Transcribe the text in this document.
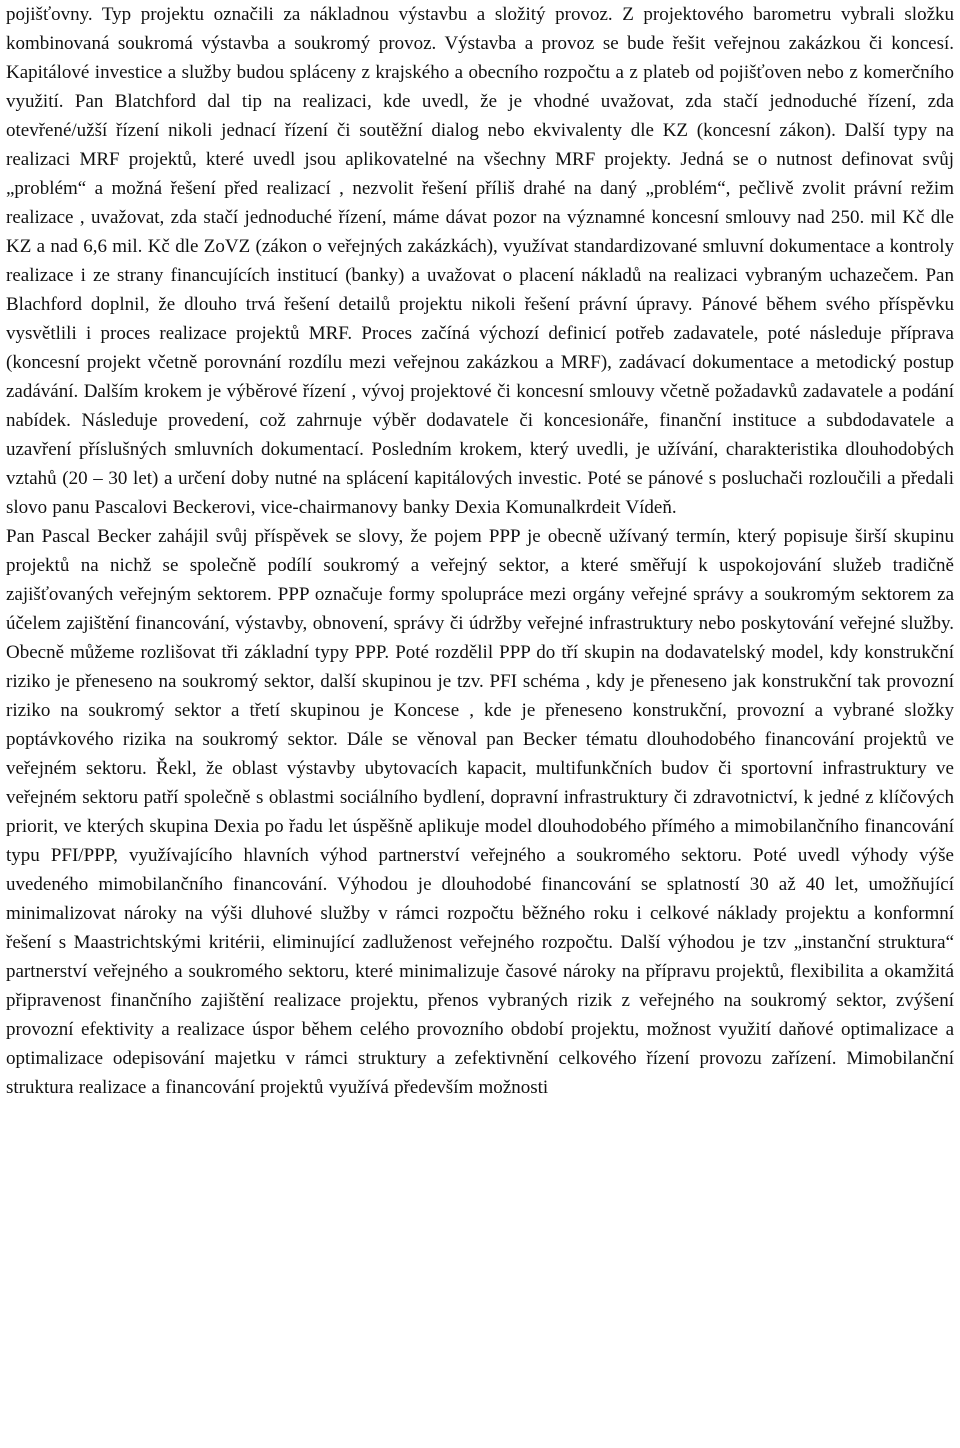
pojišťovny. Typ projektu označili za nákladnou výstavbu a složitý provoz. Z projektového barometru vybrali složku kombinovaná soukromá výstavba a soukromý provoz. Výstavba a provoz se bude řešit veřejnou zakázkou či koncesí. Kapitálové investice a služby budou spláceny z krajského a obecního rozpočtu a z plateb od pojišťoven nebo z komerčního využití. Pan Blatchford dal tip na realizaci, kde uvedl, že je vhodné uvažovat, zda stačí jednoduché řízení, zda otevřené/užší řízení nikoli jednací řízení či soutěžní dialog nebo ekvivalenty dle KZ (koncesní zákon). Další typy na realizaci MRF projektů, které uvedl jsou aplikovatelné na všechny MRF projekty. Jedná se o nutnost definovat svůj „problém“ a možná řešení před realizací , nezvolit řešení příliš drahé na daný „problém“, pečlivě zvolit právní režim realizace , uvažovat, zda stačí jednoduché řízení, máme dávat pozor na významné koncesní smlouvy nad 250. mil Kč dle KZ a nad 6,6 mil. Kč dle ZoVZ (zákon o veřejných zakázkách), využívat standardizované smluvní dokumentace a kontroly realizace i ze strany financujících institucí (banky) a uvažovat o placení nákladů na realizaci vybraným uchazečem. Pan Blachford doplnil, že dlouho trvá řešení detailů projektu nikoli řešení právní úpravy. Pánové během svého příspěvku vysvětlili i proces realizace projektů MRF. Proces začíná výchozí definicí potřeb zadavatele, poté následuje příprava (koncesní projekt včetně porovnání rozdílu mezi veřejnou zakázkou a MRF), zadávací dokumentace a metodický postup zadávání. Dalším krokem je výběrové řízení , vývoj projektové či koncesní smlouvy včetně požadavků zadavatele a podání nabídek. Následuje provedení, což zahrnuje výběr dodavatele či koncesionáře, finanční instituce a subdodavatele a uzavření příslušných smluvních dokumentací. Posledním krokem, který uvedli, je užívání, charakteristika dlouhodobých vztahů (20 – 30 let) a určení doby nutné na splácení kapitálových investic. Poté se pánové s posluchači rozloučili a předali slovo panu Pascalovi Beckerovi, vice-chairmanovy banky Dexia Komunalkrdeit Vídeň.

Pan Pascal Becker zahájil svůj příspěvek se slovy, že pojem PPP je obecně užívaný termín, který popisuje širší skupinu projektů na nichž se společně podílí soukromý a veřejný sektor, a které směřují k uspokojování služeb tradičně zajišťovaných veřejným sektorem. PPP označuje formy spolupráce mezi orgány veřejné správy a soukromým sektorem za účelem zajištění financování, výstavby, obnovení, správy či údržby veřejné infrastruktury nebo poskytování veřejné služby. Obecně můžeme rozlišovat tři základní typy PPP. Poté rozdělil PPP do tří skupin na dodavatelský model, kdy konstrukční riziko je přeneseno na soukromý sektor, další skupinou je tzv. PFI schéma , kdy je přeneseno jak konstrukční tak provozní riziko na soukromý sektor a třetí skupinou je Koncese , kde je přeneseno konstrukční, provozní a vybrané složky poptávkového rizika na soukromý sektor. Dále se věnoval pan Becker tématu dlouhodobého financování projektů ve veřejném sektoru. Řekl, že oblast výstavby ubytovacích kapacit, multifunkčních budov či sportovní infrastruktury ve veřejném sektoru patří společně s oblastmi sociálního bydlení, dopravní infrastruktury či zdravotnictví, k jedné z klíčových priorit, ve kterých skupina Dexia po řadu let úspěšně aplikuje model dlouhodobého přímého a mimobilančního financování typu PFI/PPP, využívajícího hlavních výhod partnerství veřejného a soukromého sektoru. Poté uvedl výhody výše uvedeného mimobilančního financování. Výhodou je dlouhodobé financování se splatností 30 až 40 let, umožňující minimalizovat nároky na výši dluhové služby v rámci rozpočtu běžného roku i celkové náklady projektu a konformní řešení s Maastrichtskými kritérii, eliminující zadluženost veřejného rozpočtu. Další výhodou je tzv „instanční struktura“ partnerství veřejného a soukromého sektoru, které minimalizuje časové nároky na přípravu projektů, flexibilita a okamžitá připravenost finančního zajištění realizace projektu, přenos vybraných rizik z veřejného na soukromý sektor, zvýšení provozní efektivity a realizace úspor během celého provozního období projektu, možnost využití daňové optimalizace a optimalizace odepisování majetku v rámci struktury a zefektivnění celkového řízení provozu zařízení. Mimobilanční struktura realizace a financování projektů využívá především možnosti
